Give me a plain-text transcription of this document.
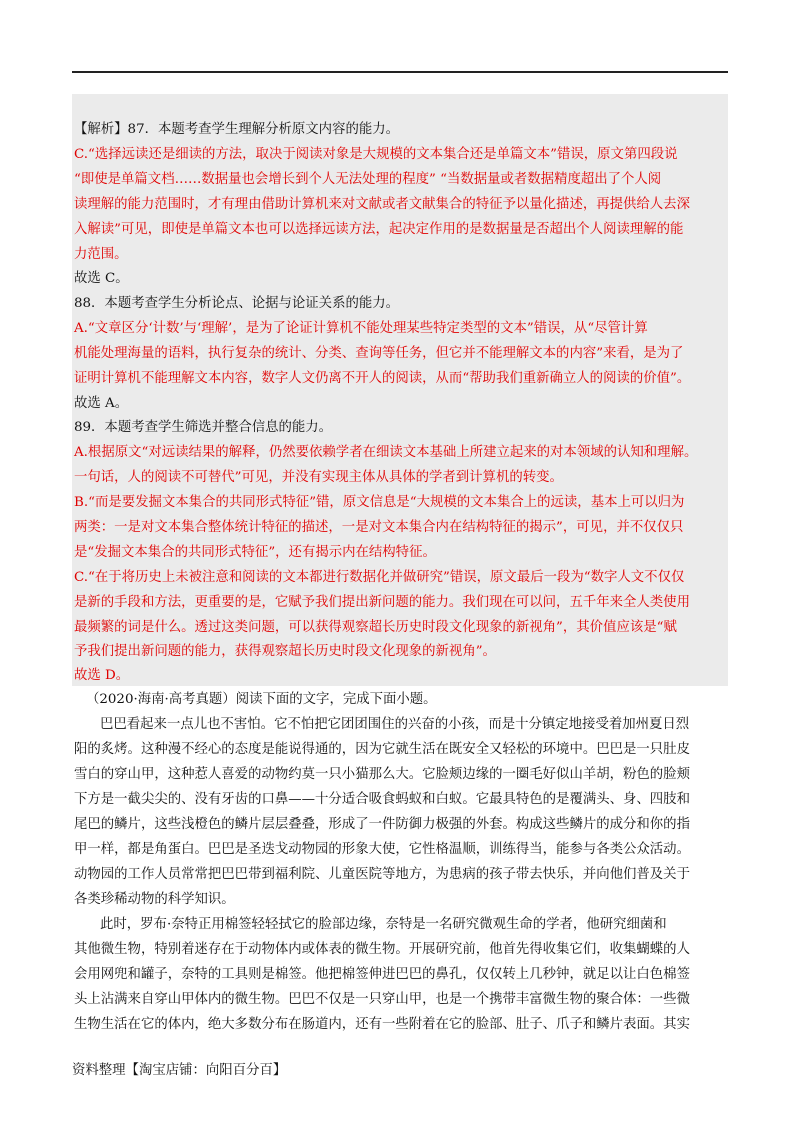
【解析】87．本题考查学生理解分析原文内容的能力。
C.“选择远读还是细读的方法，取决于阅读对象是大规模的文本集合还是单篇文本”错误，原文第四段说
“即使是单篇文档……数据量也会增长到个人无法处理的程度” “当数据量或者数据精度超出了个人阅
读理解的能力范围时，才有理由借助计算机来对文献或者文献集合的特征予以量化描述，再提供给人去深
入解读”可见，即使是单篇文本也可以选择远读方法，起决定作用的是数据量是否超出个人阅读理解的能
力范围。
故选 C。
88．本题考查学生分析论点、论据与论证关系的能力。
A.“文章区分‘计数’与‘理解’，是为了论证计算机不能处理某些特定类型的文本”错误，从“尽管计算
机能处理海量的语料，执行复杂的统计、分类、查询等任务，但它并不能理解文本的内容”来看，是为了
证明计算机不能理解文本内容，数字人文仍离不开人的阅读，从而“帮助我们重新确立人的阅读的价值”。
故选 A。
89．本题考查学生筛选并整合信息的能力。
A.根据原文“对远读结果的解释，仍然要依赖学者在细读文本基础上所建立起来的对本领域的认知和理解。
一句话，人的阅读不可替代”可见，并没有实现主体从具体的学者到计算机的转变。
B.“而是要发掘文本集合的共同形式特征”错，原文信息是“大规模的文本集合上的远读，基本上可以归为
两类：一是对文本集合整体统计特征的描述，一是对文本集合内在结构特征的揭示”，可见，并不仅仅只
是“发掘文本集合的共同形式特征”，还有揭示内在结构特征。
C.“在于将历史上未被注意和阅读的文本都进行数据化并做研究”错误，原文最后一段为“数字人文不仅仅
是新的手段和方法，更重要的是，它赋予我们提出新问题的能力。我们现在可以问，五千年来全人类使用
最频繁的词是什么。透过这类问题，可以获得观察超长历史时段文化现象的新视角”，其价值应该是“赋
予我们提出新问题的能力，获得观察超长历史时段文化现象的新视角”。
故选 D。
（2020·海南·高考真题）阅读下面的文字，完成下面小题。
巴巴看起来一点儿也不害怕。它不怕把它团团围住的兴奋的小孩，而是十分镇定地接受着加州夏日烈
阳的炙烤。这种漫不经心的态度是能说得通的，因为它就生活在既安全又轻松的环境中。巴巴是一只肚皮
雪白的穿山甲，这种惹人喜爱的动物约莫一只小猫那么大。它脸颊边缘的一圈毛好似山羊胡，粉色的脸颊
下方是一截尖尖的、没有牙齿的口鼻——十分适合吸食蚂蚁和白蚁。它最具特色的是覆满头、身、四肢和
尾巴的鳞片，这些浅橙色的鳞片层层叠叠，形成了一件防御力极强的外套。构成这些鳞片的成分和你的指
甲一样，都是角蛋白。巴巴是圣迭戈动物园的形象大使，它性格温顺，训练得当，能参与各类公众活动。
动物园的工作人员常常把巴巴带到福利院、儿童医院等地方，为患病的孩子带去快乐，并向他们普及关于
各类珍稀动物的科学知识。
此时，罗布·奈特正用棉签轻轻拭它的脸部边缘，奈特是一名研究微观生命的学者，他研究细菌和
其他微生物，特别着迷存在于动物体内或体表的微生物。开展研究前，他首先得收集它们，收集蝴蝶的人
会用网兜和罐子，奈特的工具则是棉签。他把棉签伸进巴巴的鼻孔，仅仅转上几秒钟，就足以让白色棉签
头上沾满来自穿山甲体内的微生物。巴巴不仅是一只穿山甲，也是一个携带丰富微生物的聚合体：一些微
生物生活在它的体内，绝大多数分布在肠道内，还有一些附着在它的脸部、肚子、爪子和鳞片表面。其实
资料整理【淘宝店铺：向阳百分百】
